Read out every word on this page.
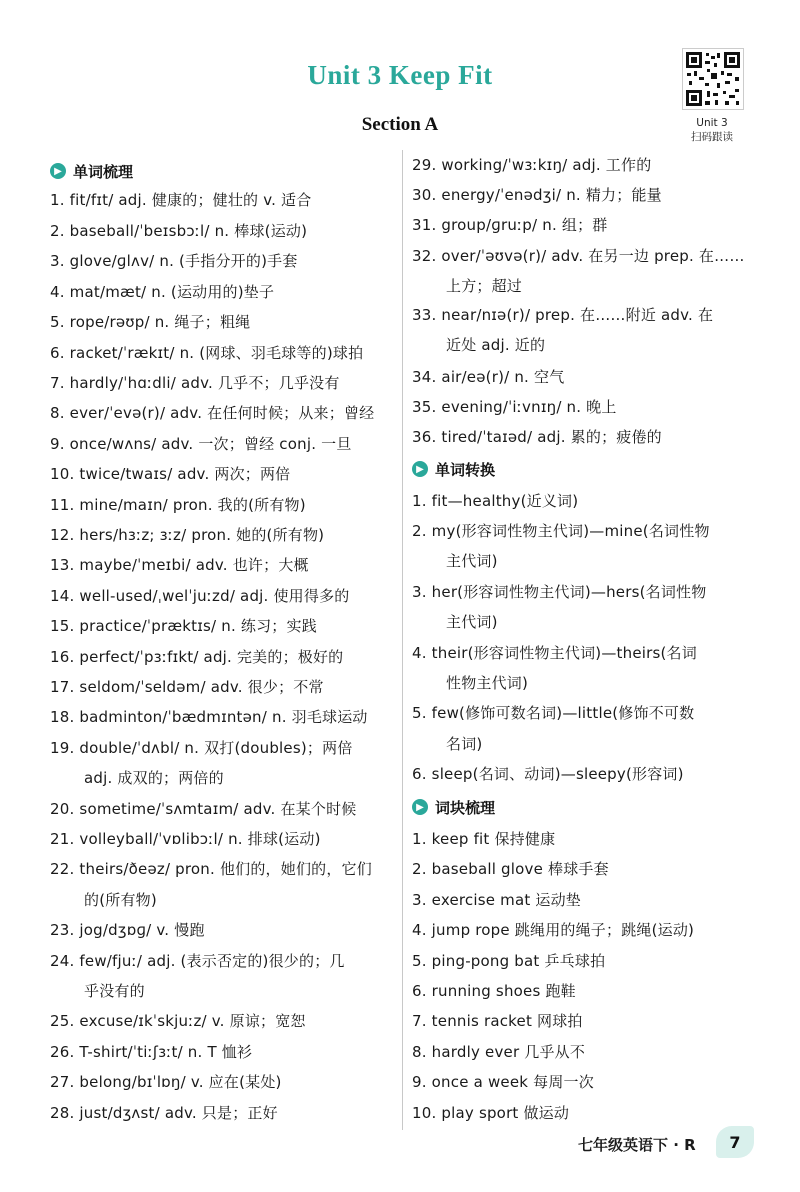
Unit 3 Keep Fit
Section A	Unit 3
扫码跟读
▶ 单词梳理
1. fit/fɪt/ adj. 健康的；健壮的 v. 适合
2. baseball/ˈbeɪsbɔːl/ n. 棒球(运动)
3. glove/ɡlʌv/ n. (手指分开的)手套
4. mat/mæt/ n. (运动用的)垫子
5. rope/rəʊp/ n. 绳子；粗绳
6. racket/ˈrækɪt/ n. (网球、羽毛球等的)球拍
7. hardly/ˈhɑːdli/ adv. 几乎不；几乎没有
8. ever/ˈevə(r)/ adv. 在任何时候；从来；曾经
9. once/wʌns/ adv. 一次；曾经 conj. 一旦
10. twice/twaɪs/ adv. 两次；两倍
11. mine/maɪn/ pron. 我的(所有物)
12. hers/hɜːz; ɜːz/ pron. 她的(所有物)
13. maybe/ˈmeɪbi/ adv. 也许；大概
14. well-used/ˌwelˈjuːzd/ adj. 使用得多的
15. practice/ˈpræktɪs/ n. 练习；实践
16. perfect/ˈpɜːfɪkt/ adj. 完美的；极好的
17. seldom/ˈseldəm/ adv. 很少；不常
18. badminton/ˈbædmɪntən/ n. 羽毛球运动
19. double/ˈdʌbl/ n. 双打(doubles)；两倍
adj. 成双的；两倍的
20. sometime/ˈsʌmtaɪm/ adv. 在某个时候
21. volleyball/ˈvɒlibɔːl/ n. 排球(运动)
22. theirs/ðeəz/ pron. 他们的，她们的，它们
的(所有物)
23. jog/dʒɒɡ/ v. 慢跑
24. few/fjuː/ adj. (表示否定的)很少的；几
乎没有的
25. excuse/ɪkˈskjuːz/ v. 原谅；宽恕
26. T-shirt/ˈtiːʃɜːt/ n. T 恤衫
27. belong/bɪˈlɒŋ/ v. 应在(某处)
28. just/dʒʌst/ adv. 只是；正好
29. working/ˈwɜːkɪŋ/ adj. 工作的
30. energy/ˈenədʒi/ n. 精力；能量
31. group/ɡruːp/ n. 组；群
32. over/ˈəʊvə(r)/ adv. 在另一边 prep. 在……
上方；超过
33. near/nɪə(r)/ prep. 在……附近 adv. 在
近处 adj. 近的
34. air/eə(r)/ n. 空气
35. evening/ˈiːvnɪŋ/ n. 晚上
36. tired/ˈtaɪəd/ adj. 累的；疲倦的
▶ 单词转换
1. fit—healthy(近义词)
2. my(形容词性物主代词)—mine(名词性物
主代词)
3. her(形容词性物主代词)—hers(名词性物
主代词)
4. their(形容词性物主代词)—theirs(名词
性物主代词)
5. few(修饰可数名词)—little(修饰不可数
名词)
6. sleep(名词、动词)—sleepy(形容词)
▶ 词块梳理
1. keep fit 保持健康
2. baseball glove 棒球手套
3. exercise mat 运动垫
4. jump rope 跳绳用的绳子；跳绳(运动)
5. ping-pong bat 乒乓球拍
6. running shoes 跑鞋
7. tennis racket 网球拍
8. hardly ever 几乎从不
9. once a week 每周一次
10. play sport 做运动
七年级英语下 · R	7
